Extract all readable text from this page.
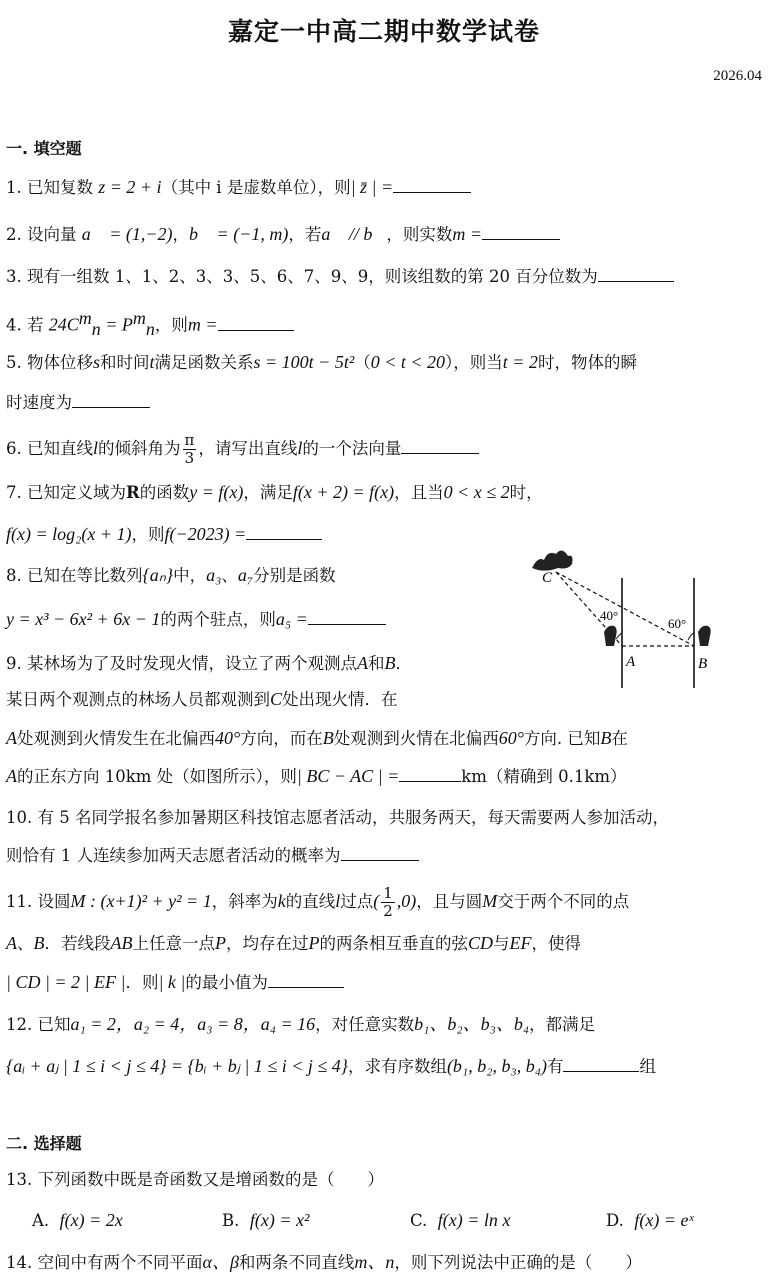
嘉定一中高二期中数学试卷
2026.04
一. 填空题
1. 已知复数 z = 2 + i（其中 i 是虚数单位），则| z̄ | =
2. 设向量 a⃗ = (1,−2)，b⃗ = (−1, m)，若a⃗ // b⃗，则实数m =
3. 现有一组数 1、1、2、3、3、5、6、7、9、9，则该组数的第 20 百分位数为
4. 若 $24C^m_n = P^m_n$，则m =
5. 物体位移s和时间t满足函数关系s = 100t − 5t²（0 < t < 20），则当t = 2时，物体的瞬
时速度为
6. 已知直线l的倾斜角为 $\frac{\pi}{3}$ ，请写出直线l的一个法向量
7. 已知定义域为R的函数y = f(x)，满足f(x + 2) = f(x)，且当0 < x ≤ 2时，
f(x) = log₂(x + 1)，则f(−2023) =
8. 已知在等比数列{aₙ}中，a₃、a₇分别是函数
y = x³ − 6x² + 6x − 1的两个驻点，则a₅ =
9. 某林场为了及时发现火情，设立了两个观测点A和B．
某日两个观测点的林场人员都观测到C处出现火情．在
A处观测到火情发生在北偏西40°方向，而在B处观测到火情在北偏西60°方向. 已知B在
A的正东方向 10km 处（如图所示），则| BC − AC | =	km（精确到 0.1km）
C
A	B
40°
60°
10. 有 5 名同学报名参加暑期区科技馆志愿者活动，共服务两天，每天需要两人参加活动，
则恰有 1 人连续参加两天志愿者活动的概率为
11. 设圆M : (x+1)² + y² = 1，斜率为k的直线l过点( $\frac{1}{2} ,0$)，且与圆M交于两个不同的点
A、B．若线段AB上任意一点P，均存在过P的两条相互垂直的弦CD与EF，使得
| CD | = 2 | EF |．则| k |的最小值为
12. 已知a₁ = 2，a₂ = 4，a₃ = 8，a₄ = 16，对任意实数b₁、b₂、b₃、b₄，都满足
{aᵢ + aⱼ | 1 ≤ i < j ≤ 4} = {bᵢ + bⱼ | 1 ≤ i < j ≤ 4}，求有序数组(b₁, b₂, b₃, b₄)有	组
二. 选择题
13. 下列函数中既是奇函数又是增函数的是（　　）
A. f(x) = 2x	B. f(x) = x²	C. f(x) = ln x	D. f(x) = eˣ
14. 空间中有两个不同平面α、β和两条不同直线m、n，则下列说法中正确的是（　　）
